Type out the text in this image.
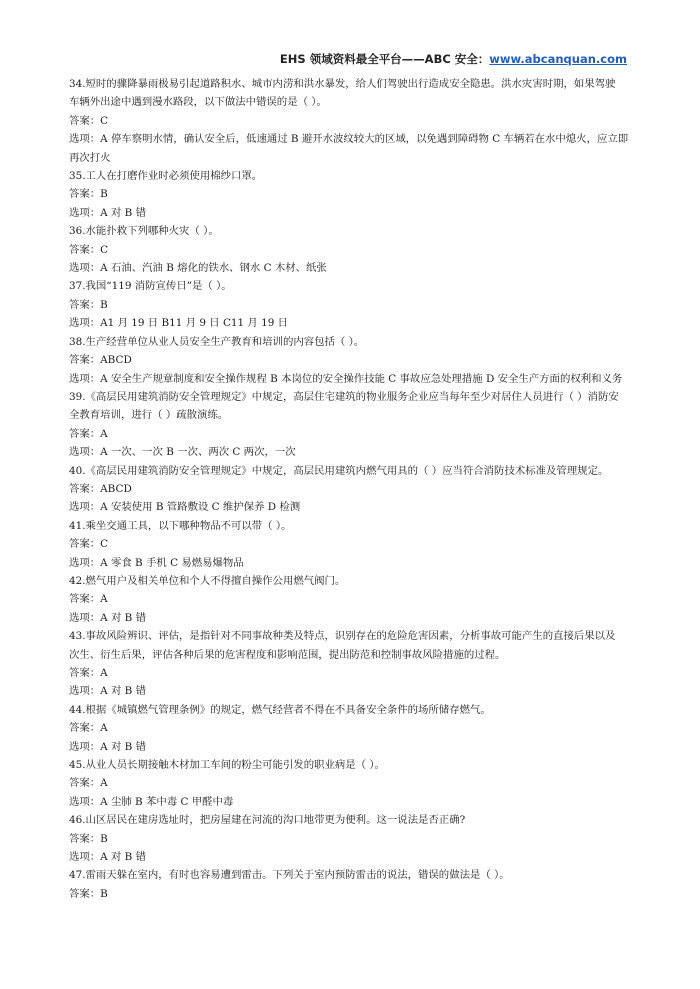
EHS 领域资料最全平台——ABC 安全：www.abcanquan.com
34.短时的骤降暴雨极易引起道路积水、城市内涝和洪水暴发，给人们驾驶出行造成安全隐患。洪水灾害时期，如果驾驶
车辆外出途中遇到漫水路段，以下做法中错误的是（ ）。
答案：C
选项：A 停车察明水情，确认安全后，低速通过 B 避开水波纹较大的区域，以免遇到障碍物 C 车辆若在水中熄火，应立即
再次打火
35.工人在打磨作业时必须使用棉纱口罩。
答案：B
选项：A 对 B 错
36.水能扑救下列哪种火灾（ ）。
答案：C
选项：A 石油、汽油 B 熔化的铁水、钢水 C 木材、纸张
37.我国“119 消防宣传日”是（ ）。
答案：B
选项：A1 月 19 日 B11 月 9 日 C11 月 19 日
38.生产经营单位从业人员安全生产教育和培训的内容包括（ ）。
答案：ABCD
选项：A 安全生产规章制度和安全操作规程 B 本岗位的安全操作技能 C 事故应急处理措施 D 安全生产方面的权利和义务
39.《高层民用建筑消防安全管理规定》中规定，高层住宅建筑的物业服务企业应当每年至少对居住人员进行（ ）消防安
全教育培训，进行（ ）疏散演练。
答案：A
选项：A 一次、一次 B 一次、两次 C 两次，一次
40.《高层民用建筑消防安全管理规定》中规定，高层民用建筑内燃气用具的（ ）应当符合消防技术标准及管理规定。
答案：ABCD
选项：A 安装使用 B 管路敷设 C 维护保养 D 检测
41.乘坐交通工具，以下哪种物品不可以带（ ）。
答案：C
选项：A 零食 B 手机 C 易燃易爆物品
42.燃气用户及相关单位和个人不得擅自操作公用燃气阀门。
答案：A
选项：A 对 B 错
43.事故风险辨识、评估，是指针对不同事故种类及特点，识别存在的危险危害因素，分析事故可能产生的直接后果以及
次生、衍生后果，评估各种后果的危害程度和影响范围，提出防范和控制事故风险措施的过程。
答案：A
选项：A 对 B 错
44.根据《城镇燃气管理条例》的规定，燃气经营者不得在不具备安全条件的场所储存燃气。
答案：A
选项：A 对 B 错
45.从业人员长期接触木材加工车间的粉尘可能引发的职业病是（ ）。
答案：A
选项：A 尘肺 B 苯中毒 C 甲醛中毒
46.山区居民在建房选址时，把房屋建在河流的沟口地带更为便利。这一说法是否正确?
答案：B
选项：A 对 B 错
47.雷雨天躲在室内，有时也容易遭到雷击。下列关于室内预防雷击的说法，错误的做法是（ ）。
答案：B
